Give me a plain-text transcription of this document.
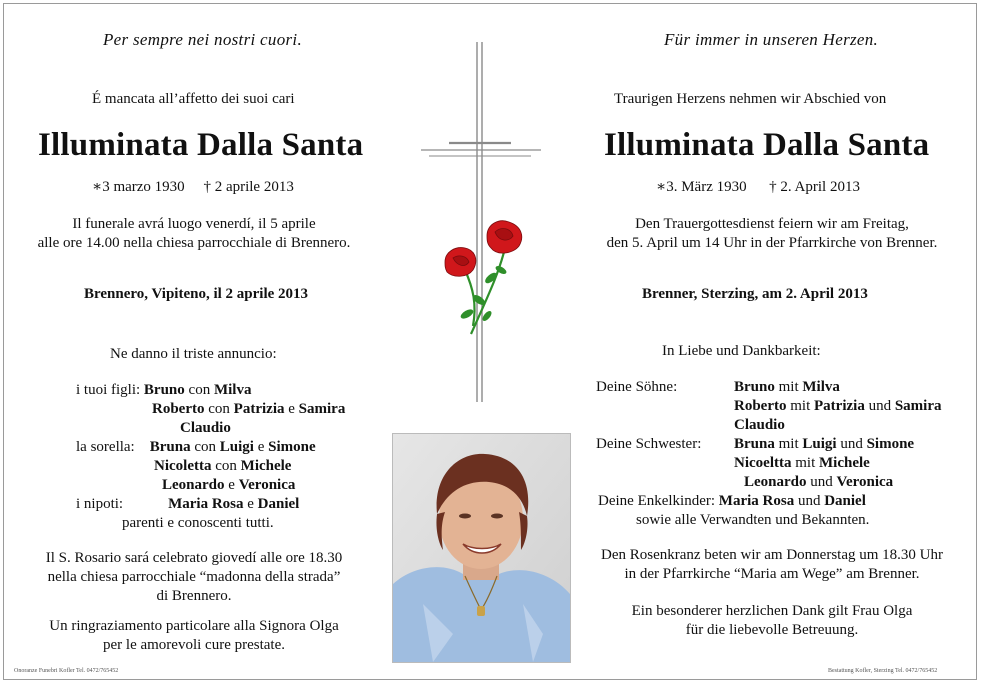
Per sempre nei nostri cuori.
É mancata all’affetto dei suoi cari
Illuminata Dalla Santa
∗3 marzo 1930 † 2 aprile 2013
Il funerale avrá luogo venerdí, il 5 aprile
alle ore 14.00 nella chiesa parrocchiale di Brennero.
Brennero, Vipiteno, il 2 aprile 2013
Ne danno il triste annuncio:
i tuoi figli: Bruno con Milva
Roberto con Patrizia e Samira
Claudio
la sorella: Bruna con Luigi e Simone
Nicoletta con Michele
Leonardo e Veronica
i nipoti:	Maria Rosa e Daniel
parenti e conoscenti tutti.
Il S. Rosario sará celebrato giovedí alle ore 18.30
nella chiesa parrocchiale “madonna della strada”
di Brennero.
Un ringraziamento particolare alla Signora Olga
per le amorevoli cure prestate.
Onoranze Funebri Kofler Tel. 0472/765452
Für immer in unseren Herzen.
Traurigen Herzens nehmen wir Abschied von
Illuminata Dalla Santa
∗3. März 1930 † 2. April 2013
Den Trauergottesdienst feiern wir am Freitag,
den 5. April um 14 Uhr in der Pfarrkirche von Brenner.
Brenner, Sterzing, am 2. April 2013
In Liebe und Dankbarkeit:
Deine Söhne:	Bruno mit Milva
Roberto mit Patrizia und Samira
Claudio
Deine Schwester: Bruna mit Luigi und Simone
Nicoeltta mit Michele
Leonardo und Veronica
Deine Enkelkinder: Maria Rosa und Daniel
sowie alle Verwandten und Bekannten.
Den Rosenkranz beten wir am Donnerstag um 18.30 Uhr
in der Pfarrkirche “Maria am Wege” am Brenner.
Ein besonderer herzlichen Dank gilt Frau Olga
für die liebevolle Betreuung.
Bestattung Kofler, Sterzing Tel. 0472/765452
